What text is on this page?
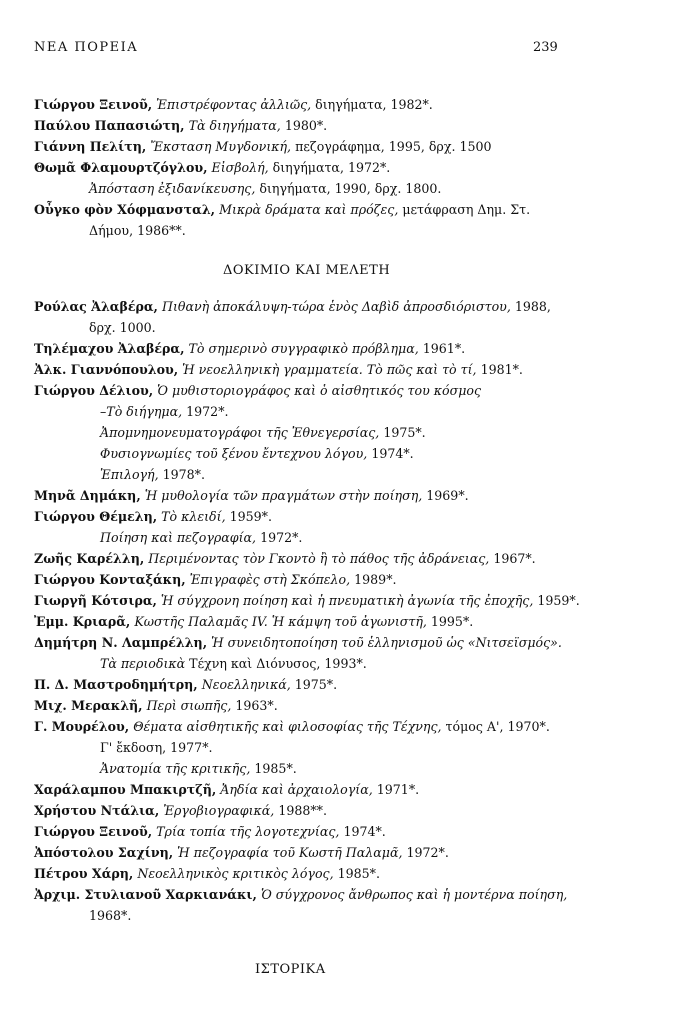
ΝΕΑ ΠΟΡΕΙΑ	239
Γιώργου Ξεινοῦ, Ἐπιστρέφοντας ἀλλιῶς, διηγήματα, 1982*.
Παύλου Παπασιώτη, Τὰ διηγήματα, 1980*.
Γιάννη Πελίτη, Ἔκσταση Μυγδονική, πεζογράφημα, 1995, δρχ. 1500
Θωμᾶ Φλαμουρτζόγλου, Εἰσβολή, διηγήματα, 1972*.
Ἀπόσταση ἐξιδανίκευσης, διηγήματα, 1990, δρχ. 1800.
Οὖγκο φὸν Χόφμανσταλ, Μικρὰ δράματα καὶ πρόζες, μετάφραση Δημ. Στ.
Δήμου, 1986**.
ΔΟΚΙΜΙΟ ΚΑΙ ΜΕΛΕΤΗ
Ρούλας Ἀλαβέρα, Πιθανὴ ἀποκάλυψη-τώρα ἑνὸς Δαβὶδ ἀπροσδιόριστου, 1988,
δρχ. 1000.
Τηλέμαχου Ἀλαβέρα, Τὸ σημερινὸ συγγραφικὸ πρόβλημα, 1961*.
Ἀλκ. Γιαννόπουλου, Ἡ νεοελληνικὴ γραμματεία. Τὸ πῶς καὶ τὸ τί, 1981*.
Γιώργου Δέλιου, Ὁ μυθιστοριογράφος καὶ ὁ αἰσθητικός του κόσμος
–Τὸ διήγημα, 1972*.
Ἀπομνημονευματογράφοι τῆς Ἐθνεγερσίας, 1975*.
Φυσιογνωμίες τοῦ ξένου ἔντεχνου λόγου, 1974*.
Ἐπιλογή, 1978*.
Μηνᾶ Δημάκη, Ἡ μυθολογία τῶν πραγμάτων στὴν ποίηση, 1969*.
Γιώργου Θέμελη, Τὸ κλειδί, 1959*.
Ποίηση καὶ πεζογραφία, 1972*.
Ζωῆς Καρέλλη, Περιμένοντας τὸν Γκοντὸ ἢ τὸ πάθος τῆς ἀδράνειας, 1967*.
Γιώργου Κονταξάκη, Ἐπιγραφὲς στὴ Σκόπελο, 1989*.
Γιωργῆ Κότσιρα, Ἡ σύγχρονη ποίηση καὶ ἡ πνευματικὴ ἀγωνία τῆς ἐποχῆς, 1959*.
Ἐμμ. Κριαρᾶ, Κωστῆς Παλαμᾶς IV. Ἡ κάμψη τοῦ ἀγωνιστῆ, 1995*.
Δημήτρη Ν. Λαμπρέλλη, Ἡ συνειδητοποίηση τοῦ ἑλληνισμοῦ ὡς «Νιτσεϊσμός».
Τὰ περιοδικὰ Τέχνη καὶ Διόνυσος, 1993*.
Π. Δ. Μαστροδημήτρη, Νεοελληνικά, 1975*.
Μιχ. Μερακλῆ, Περὶ σιωπῆς, 1963*.
Γ. Μουρέλου, Θέματα αἰσθητικῆς καὶ φιλοσοφίας τῆς Τέχνης, τόμος Α', 1970*.
Γ' ἔκδοση, 1977*.
Ἀνατομία τῆς κριτικῆς, 1985*.
Χαράλαμπου Μπακιρτζῆ, Ἀηδία καὶ ἀρχαιολογία, 1971*.
Χρήστου Ντάλια, Ἐργοβιογραφικά, 1988**.
Γιώργου Ξεινοῦ, Τρία τοπία τῆς λογοτεχνίας, 1974*.
Ἀπόστολου Σαχίνη, Ἡ πεζογραφία τοῦ Κωστῆ Παλαμᾶ, 1972*.
Πέτρου Χάρη, Νεοελληνικὸς κριτικὸς λόγος, 1985*.
Ἀρχιμ. Στυλιανοῦ Χαρκιανάκι, Ὁ σύγχρονος ἄνθρωπος καὶ ἡ μοντέρνα ποίηση,
1968*.
ΙΣΤΟΡΙΚΑ
